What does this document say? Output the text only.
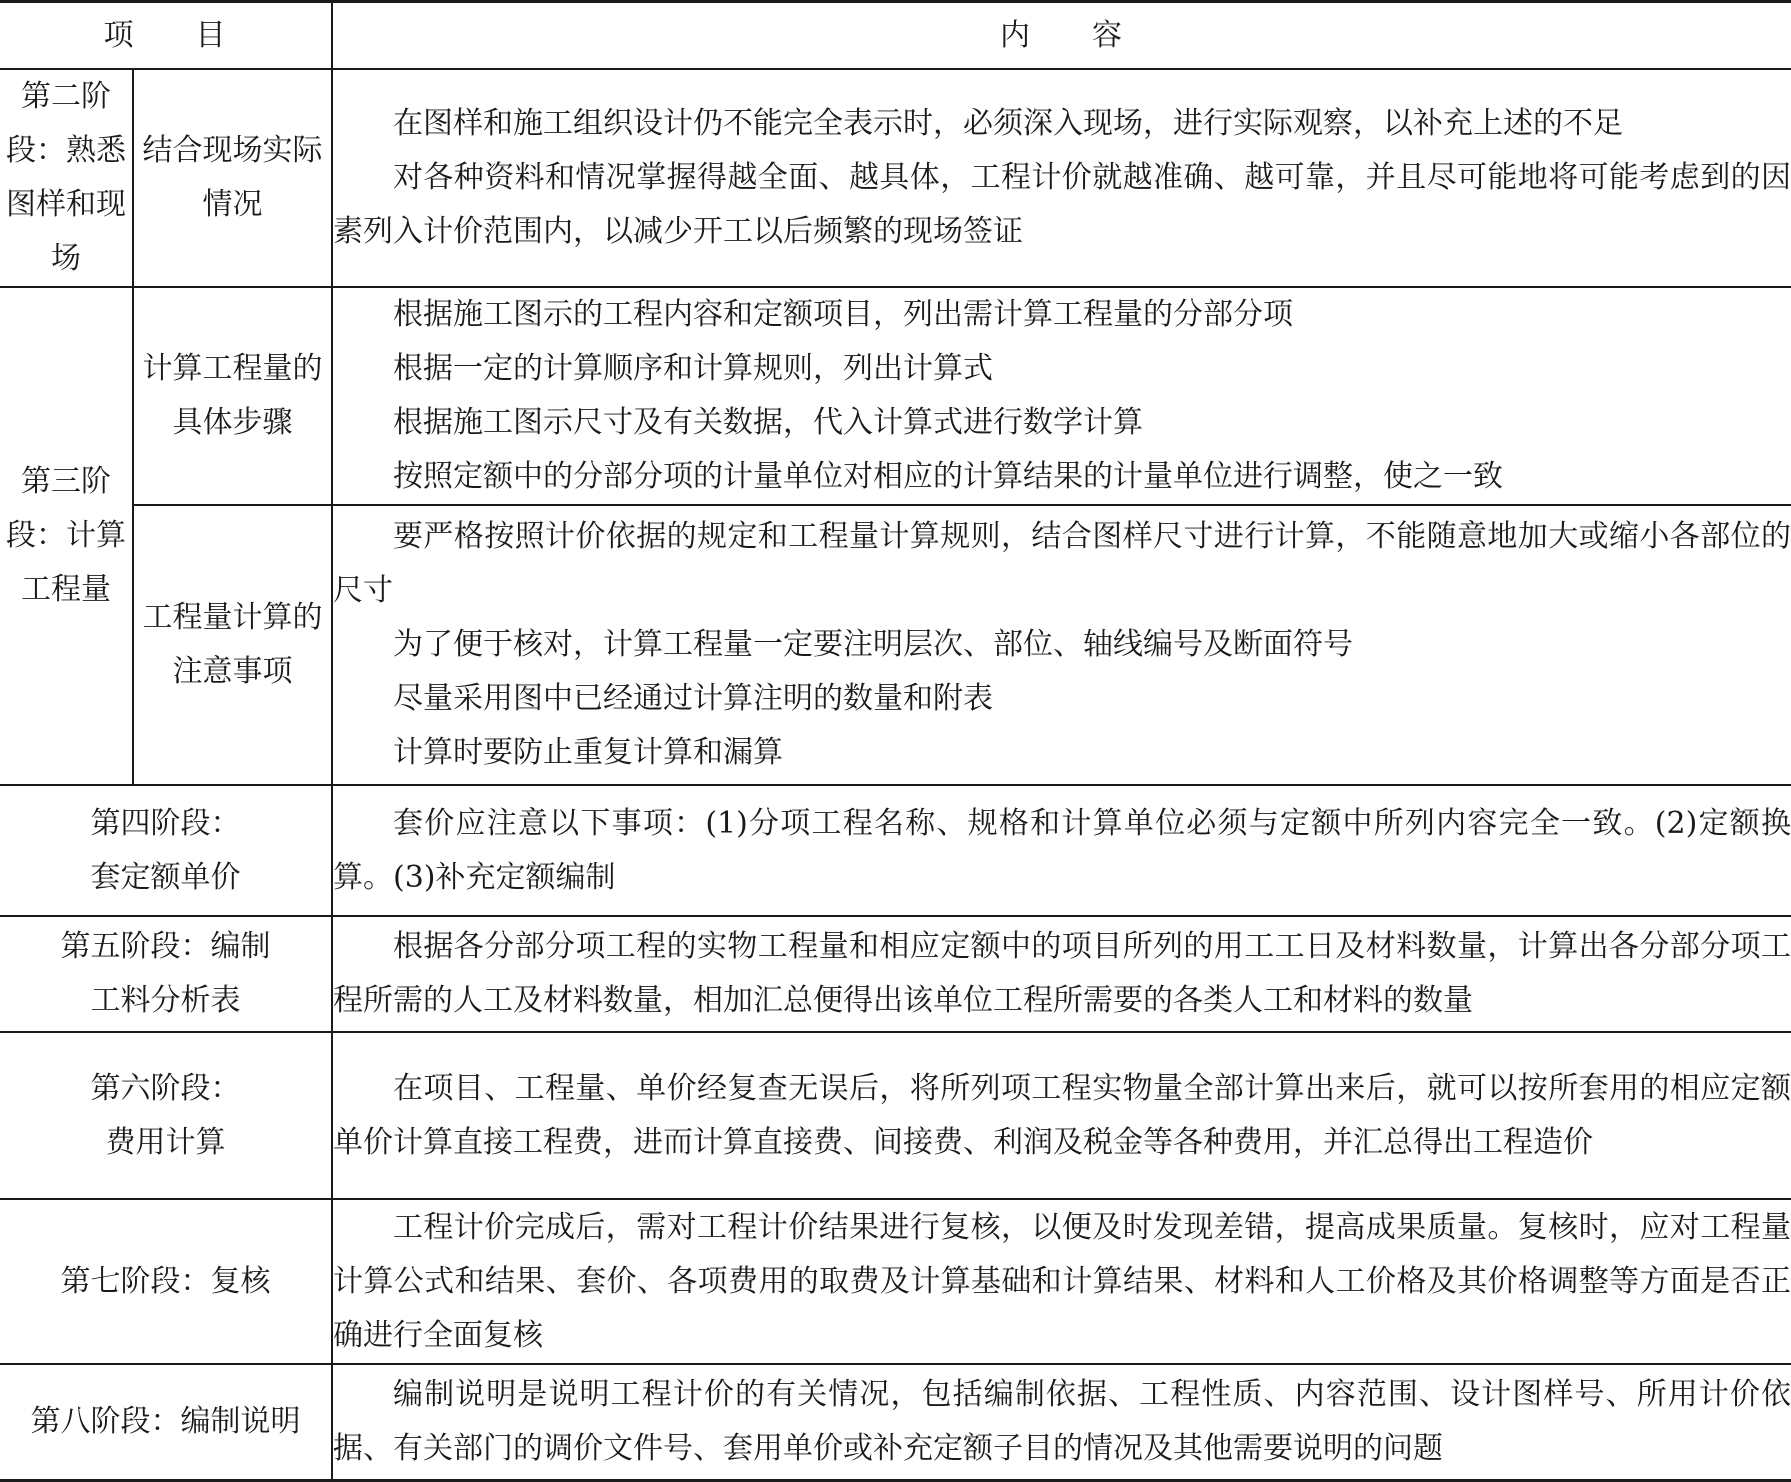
项 目		内 容
第二阶段：熟悉图样和现场	结合现场实际情况	在图样和施工组织设计仍不能完全表示时，必须深入现场，进行实际观察，以补充上述的不足

对各种资料和情况掌握得越全面、越具体，工程计价就越准确、越可靠，并且尽可能地将可能考虑到的因素列入计价范围内，以减少开工以后频繁的现场签证

第三阶段：计算工程量	计算工程量的具体步骤	根据施工图示的工程内容和定额项目，列出需计算工程量的分部分项

根据一定的计算顺序和计算规则，列出计算式

根据施工图示尺寸及有关数据，代入计算式进行数学计算

按照定额中的分部分项的计量单位对相应的计算结果的计量单位进行调整，使之一致

	工程量计算的注意事项	要严格按照计价依据的规定和工程量计算规则，结合图样尺寸进行计算，不能随意地加大或缩小各部位的尺寸

为了便于核对，计算工程量一定要注明层次、部位、轴线编号及断面符号

尽量采用图中已经通过计算注明的数量和附表

计算时要防止重复计算和漏算

第四阶段：
套定额单价		套价应注意以下事项：(1)分项工程名称、规格和计算单位必须与定额中所列内容完全一致。(2)定额换算。(3)补充定额编制

第五阶段：编制
工料分析表		根据各分部分项工程的实物工程量和相应定额中的项目所列的用工工日及材料数量，计算出各分部分项工程所需的人工及材料数量，相加汇总便得出该单位工程所需要的各类人工和材料的数量

第六阶段：
费用计算		在项目、工程量、单价经复查无误后，将所列项工程实物量全部计算出来后，就可以按所套用的相应定额单价计算直接工程费，进而计算直接费、间接费、利润及税金等各种费用，并汇总得出工程造价

第七阶段：复核		工程计价完成后，需对工程计价结果进行复核，以便及时发现差错，提高成果质量。复核时，应对工程量计算公式和结果、套价、各项费用的取费及计算基础和计算结果、材料和人工价格及其价格调整等方面是否正确进行全面复核

第八阶段：编制说明		编制说明是说明工程计价的有关情况，包括编制依据、工程性质、内容范围、设计图样号、所用计价依据、有关部门的调价文件号、套用单价或补充定额子目的情况及其他需要说明的问题
